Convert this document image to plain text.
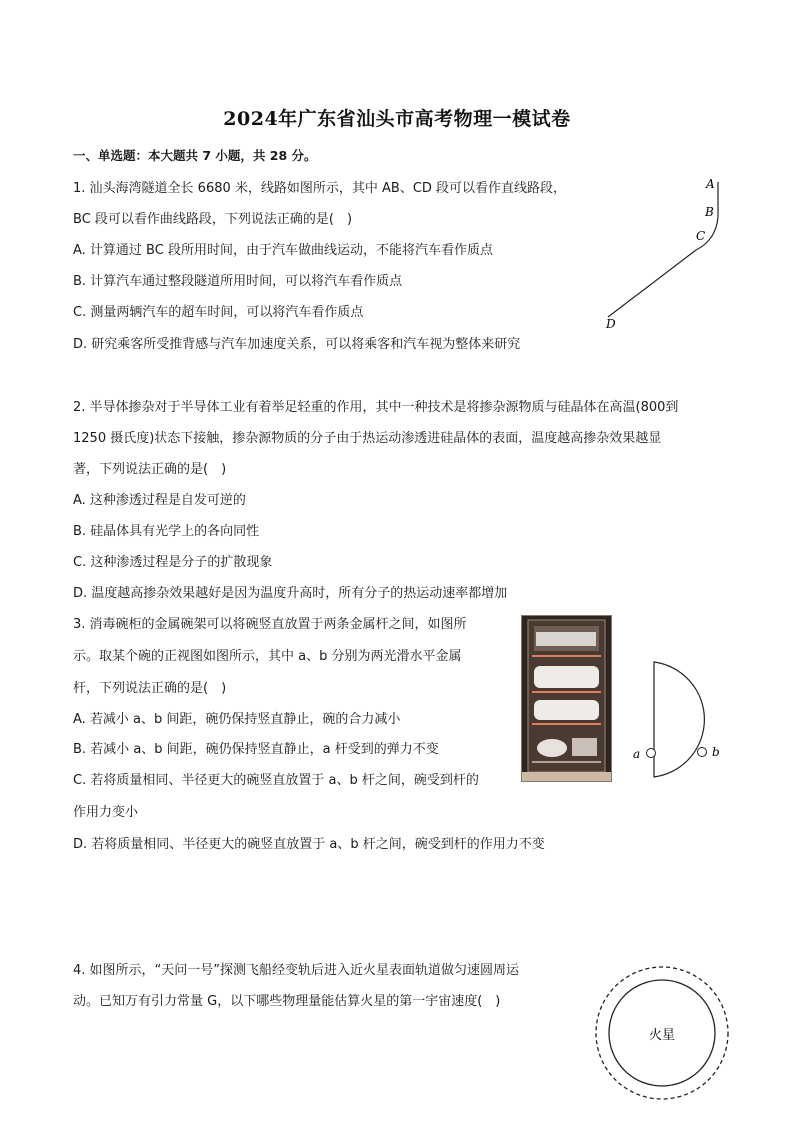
2024年广东省汕头市高考物理一模试卷
一、单选题：本大题共 7 小题，共 28 分。
1. 汕头海湾隧道全长 6680 米，线路如图所示，其中 AB、CD 段可以看作直线路段，
BC 段可以看作曲线路段，下列说法正确的是(　)
A. 计算通过 BC 段所用时间，由于汽车做曲线运动，不能将汽车看作质点
B. 计算汽车通过整段隧道所用时间，可以将汽车看作质点
C. 测量两辆汽车的超车时间，可以将汽车看作质点
D. 研究乘客所受推背感与汽车加速度关系，可以将乘客和汽车视为整体来研究
A
B
C
D
2. 半导体掺杂对于半导体工业有着举足轻重的作用，其中一种技术是将掺杂源物质与硅晶体在高温(800到
1250 摄氏度)状态下接触，掺杂源物质的分子由于热运动渗透进硅晶体的表面，温度越高掺杂效果越显
著，下列说法正确的是(　)
A. 这种渗透过程是自发可逆的
B. 硅晶体具有光学上的各向同性
C. 这种渗透过程是分子的扩散现象
D. 温度越高掺杂效果越好是因为温度升高时，所有分子的热运动速率都增加
3. 消毒碗柜的金属碗架可以将碗竖直放置于两条金属杆之间，如图所
示。取某个碗的正视图如图所示，其中 a、b 分别为两光滑水平金属
杆，下列说法正确的是(　)
A. 若减小 a、b 间距，碗仍保持竖直静止，碗的合力减小
B. 若减小 a、b 间距，碗仍保持竖直静止，a 杆受到的弹力不变
C. 若将质量相同、半径更大的碗竖直放置于 a、b 杆之间，碗受到杆的
作用力变小
D. 若将质量相同、半径更大的碗竖直放置于 a、b 杆之间，碗受到杆的作用力不变
a	b
4. 如图所示，“天问一号”探测飞船经变轨后进入近火星表面轨道做匀速圆周运
动。已知万有引力常量 G，以下哪些物理量能估算火星的第一宇宙速度(　)
火星
